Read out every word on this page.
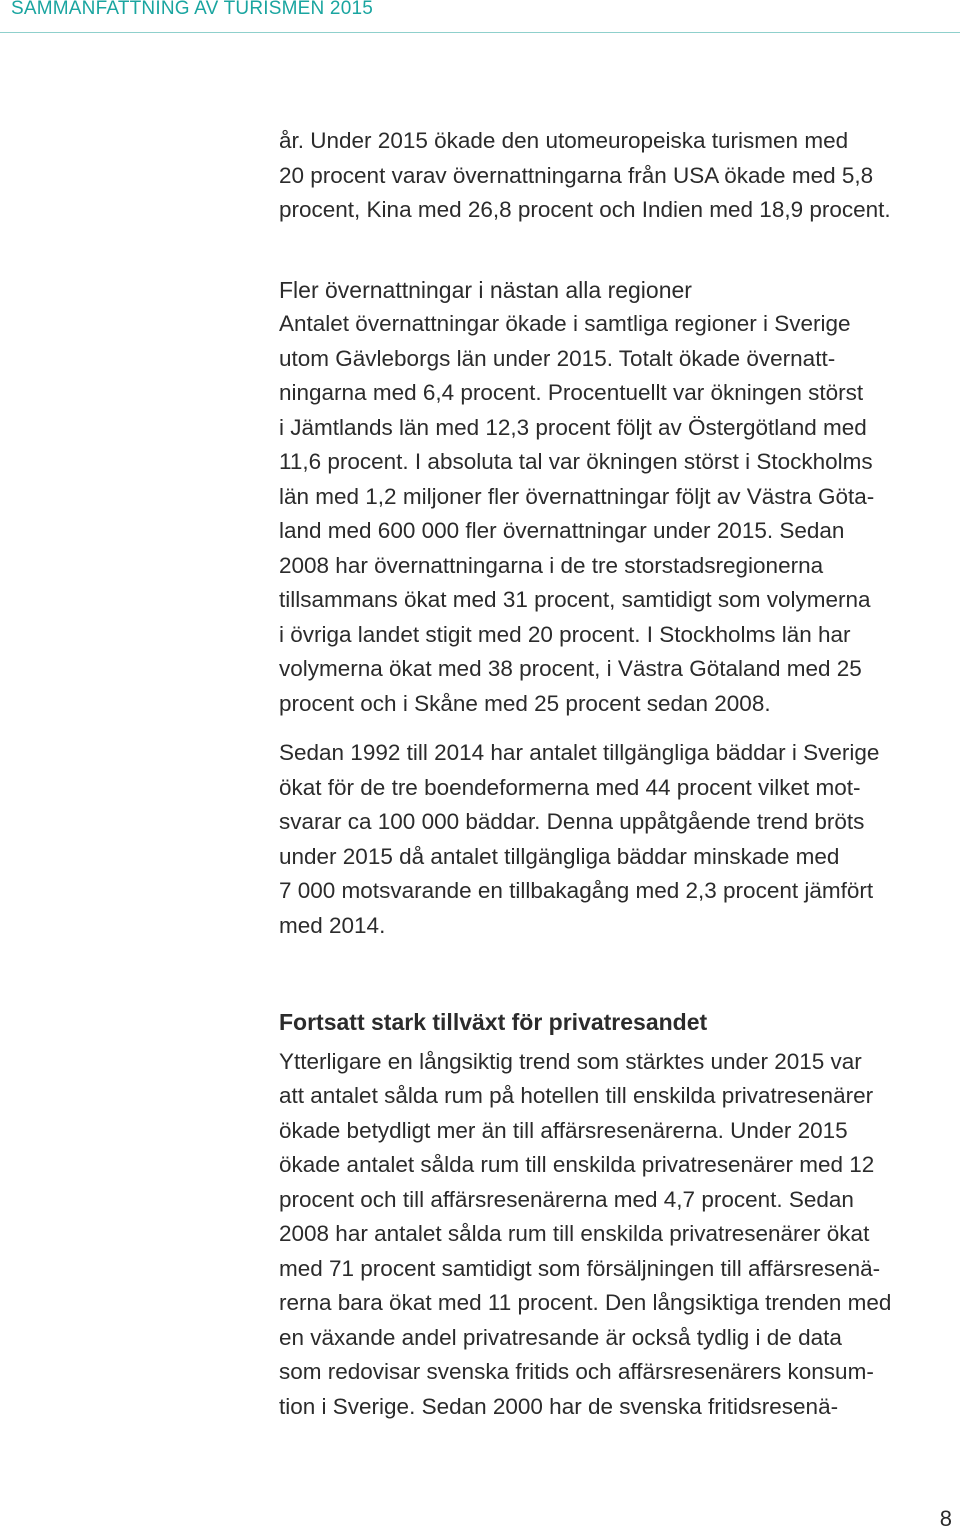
SAMMANFATTNING AV TURISMEN 2015

år. Under 2015 ökade den utomeuropeiska turismen med
20 procent varav övernattningarna från USA ökade med 5,8
procent, Kina med 26,8 procent och Indien med 18,9 procent.

Fler övernattningar i nästan alla regioner

Antalet övernattningar ökade i samtliga regioner i Sverige
utom Gävleborgs län under 2015. Totalt ökade övernatt-
ningarna med 6,4 procent. Procentuellt var ökningen störst
i Jämtlands län med 12,3 procent följt av Östergötland med
11,6 procent. I absoluta tal var ökningen störst i Stockholms
län med 1,2 miljoner fler övernattningar följt av Västra Göta-
land med 600 000 fler övernattningar under 2015. Sedan
2008 har övernattningarna i de tre storstadsregionerna
tillsammans ökat med 31 procent, samtidigt som volymerna
i övriga landet stigit med 20 procent. I Stockholms län har
volymerna ökat med 38 procent, i Västra Götaland med 25
procent och i Skåne med 25 procent sedan 2008.

Sedan 1992 till 2014 har antalet tillgängliga bäddar i Sverige
ökat för de tre boendeformerna med 44 procent vilket mot-
svarar ca 100 000 bäddar. Denna uppåtgående trend bröts
under 2015 då antalet tillgängliga bäddar minskade med
7 000 motsvarande en tillbakagång med 2,3 procent jämfört
med 2014.

Fortsatt stark tillväxt för privatresandet

Ytterligare en långsiktig trend som stärktes under 2015 var
att antalet sålda rum på hotellen till enskilda privatresenärer
ökade betydligt mer än till affärsresenärerna. Under 2015
ökade antalet sålda rum till enskilda privatresenärer med 12
procent och till affärsresenärerna med 4,7 procent. Sedan
2008 har antalet sålda rum till enskilda privatresenärer ökat
med 71 procent samtidigt som försäljningen till affärsresenä-
rerna bara ökat med 11 procent. Den långsiktiga trenden med
en växande andel privatresande är också tydlig i de data
som redovisar svenska fritids och affärsresenärers konsum-
tion i Sverige. Sedan 2000 har de svenska fritidsresenä-

8
